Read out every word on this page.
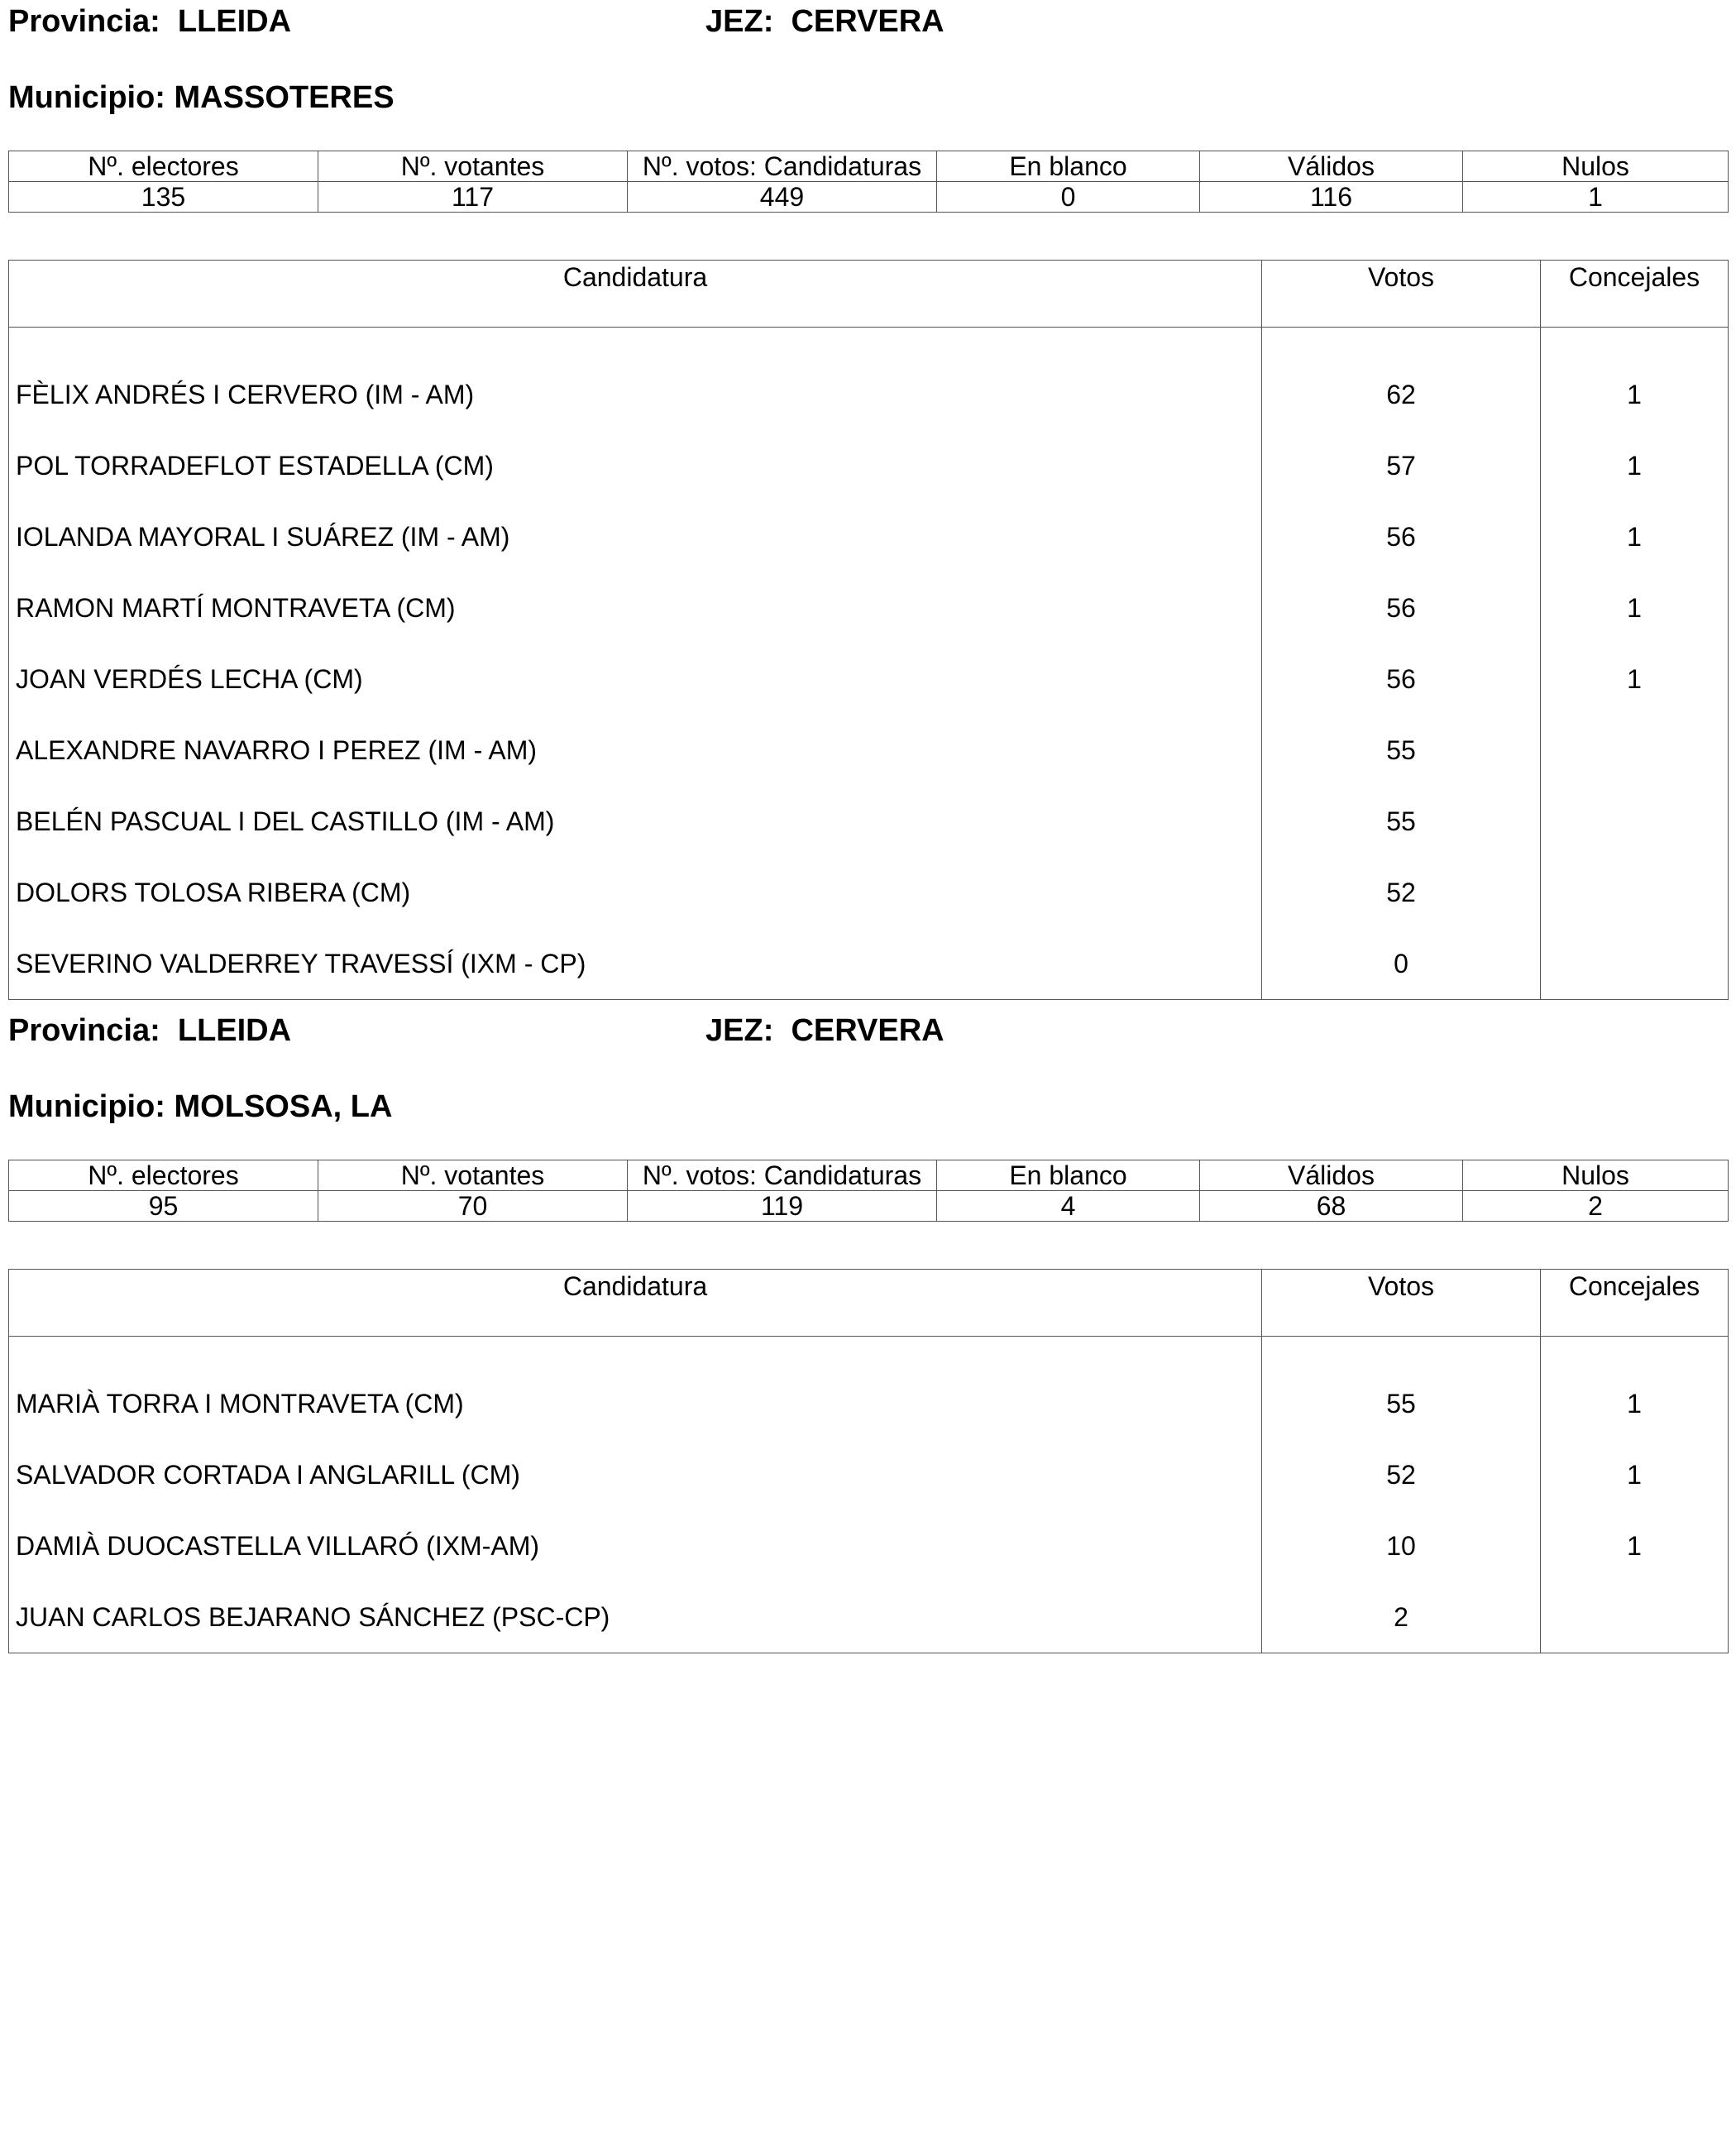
Provincia: LLEIDA	JEZ: CERVERA
Municipio: MASSOTERES
Nº. electores	Nº. votantes	Nº. votos: Candidaturas	En blanco	Válidos	Nulos
135	117	449	0	116	1
Candidatura	Votos	Concejales

FÈLIX ANDRÉS I CERVERO (IM - AM)	62	1
POL TORRADEFLOT ESTADELLA (CM)	57	1
IOLANDA MAYORAL I SUÁREZ (IM - AM)	56	1
RAMON MARTÍ MONTRAVETA (CM)	56	1
JOAN VERDÉS LECHA (CM)	56	1
ALEXANDRE NAVARRO I PEREZ (IM - AM)	55	
BELÉN PASCUAL I DEL CASTILLO (IM - AM)	55	
DOLORS TOLOSA RIBERA (CM)	52	
SEVERINO VALDERREY TRAVESSÍ (IXM - CP)	0	
Provincia: LLEIDA	JEZ: CERVERA
Municipio: MOLSOSA, LA
Nº. electores	Nº. votantes	Nº. votos: Candidaturas	En blanco	Válidos	Nulos
95	70	119	4	68	2
Candidatura	Votos	Concejales

MARIÀ TORRA I MONTRAVETA (CM)	55	1
SALVADOR CORTADA I ANGLARILL (CM)	52	1
DAMIÀ DUOCASTELLA VILLARÓ (IXM-AM)	10	1
JUAN CARLOS BEJARANO SÁNCHEZ (PSC-CP)	2	
